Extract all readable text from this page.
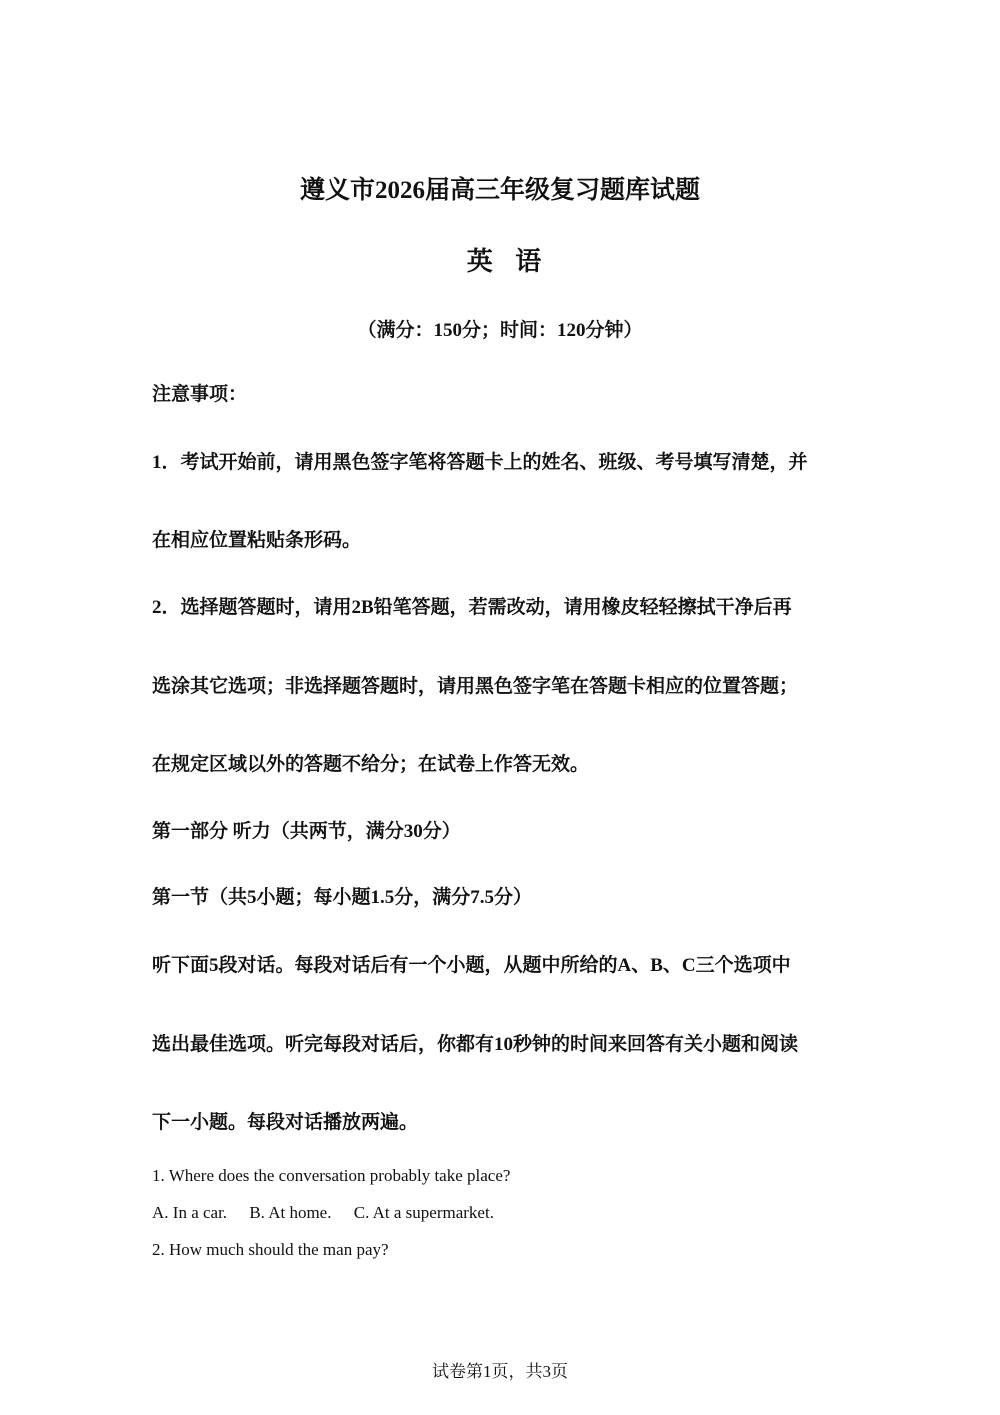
遵义市2026届高三年级复习题库试题
英 语
（满分：150分；时间：120分钟）
注意事项：
1．考试开始前，请用黑色签字笔将答题卡上的姓名、班级、考号填写清楚，并
在相应位置粘贴条形码。
2．选择题答题时，请用2B铅笔答题，若需改动，请用橡皮轻轻擦拭干净后再
选涂其它选项；非选择题答题时，请用黑色签字笔在答题卡相应的位置答题；
在规定区域以外的答题不给分；在试卷上作答无效。
第一部分 听力（共两节，满分30分）
第一节（共5小题；每小题1.5分，满分7.5分）
听下面5段对话。每段对话后有一个小题，从题中所给的A、B、C三个选项中
选出最佳选项。听完每段对话后，你都有10秒钟的时间来回答有关小题和阅读
下一小题。每段对话播放两遍。
1. Where does the conversation probably take place?
A. In a car. B. At home. C. At a supermarket.
2. How much should the man pay?
试卷第1页，共3页
